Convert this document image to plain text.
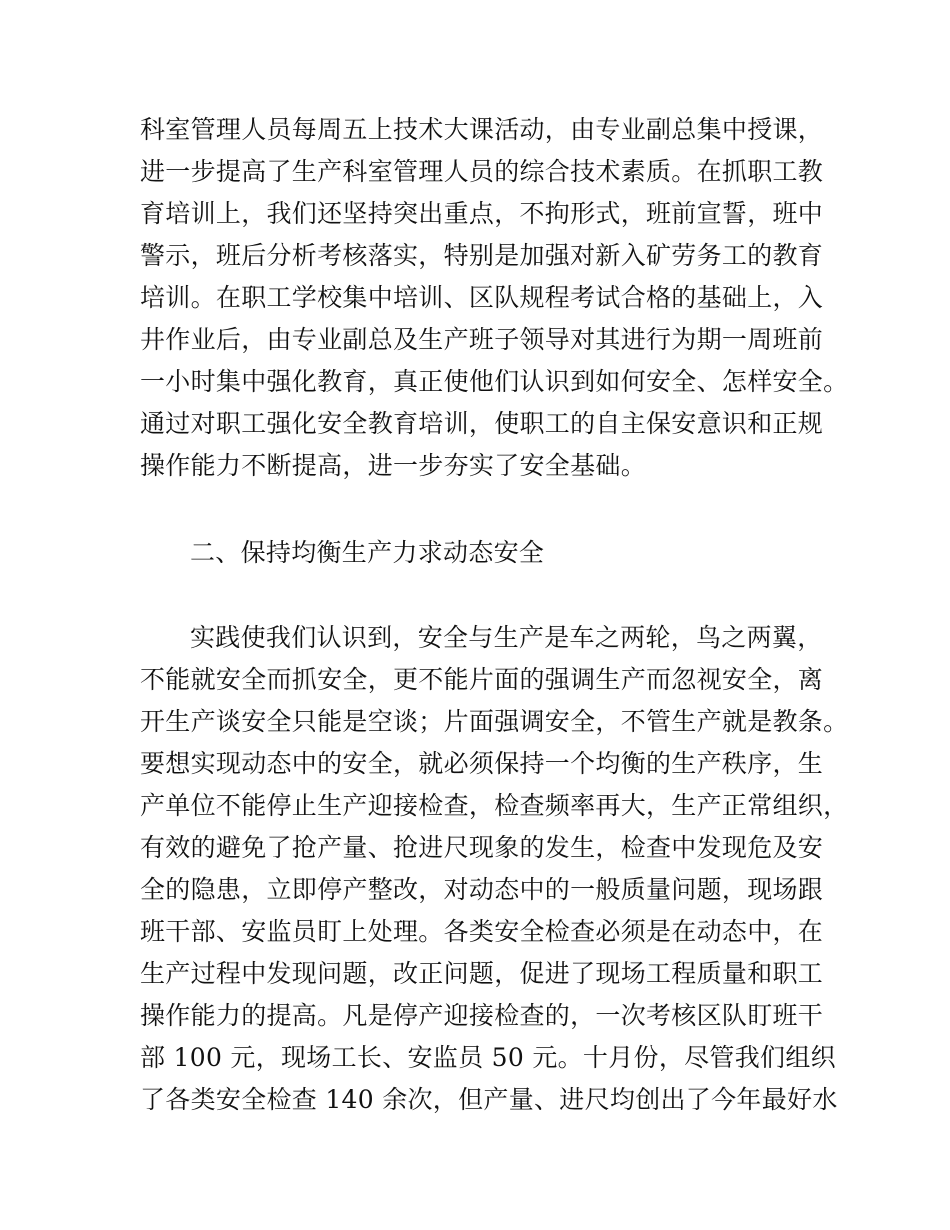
科室管理人员每周五上技术大课活动，由专业副总集中授课，
进一步提高了生产科室管理人员的综合技术素质。在抓职工教
育培训上，我们还坚持突出重点，不拘形式，班前宣誓，班中
警示，班后分析考核落实，特别是加强对新入矿劳务工的教育
培训。在职工学校集中培训、区队规程考试合格的基础上，入
井作业后，由专业副总及生产班子领导对其进行为期一周班前
一小时集中强化教育，真正使他们认识到如何安全、怎样安全。
通过对职工强化安全教育培训，使职工的自主保安意识和正规
操作能力不断提高，进一步夯实了安全基础。
二、保持均衡生产力求动态安全
实践使我们认识到，安全与生产是车之两轮，鸟之两翼，
不能就安全而抓安全，更不能片面的强调生产而忽视安全，离
开生产谈安全只能是空谈；片面强调安全，不管生产就是教条。
要想实现动态中的安全，就必须保持一个均衡的生产秩序，生
产单位不能停止生产迎接检查，检查频率再大，生产正常组织，
有效的避免了抢产量、抢进尺现象的发生，检查中发现危及安
全的隐患，立即停产整改，对动态中的一般质量问题，现场跟
班干部、安监员盯上处理。各类安全检查必须是在动态中，在
生产过程中发现问题，改正问题，促进了现场工程质量和职工
操作能力的提高。凡是停产迎接检查的，一次考核区队盯班干
部 100 元，现场工长、安监员 50 元。十月份，尽管我们组织
了各类安全检查 140 余次，但产量、进尺均创出了今年最好水
